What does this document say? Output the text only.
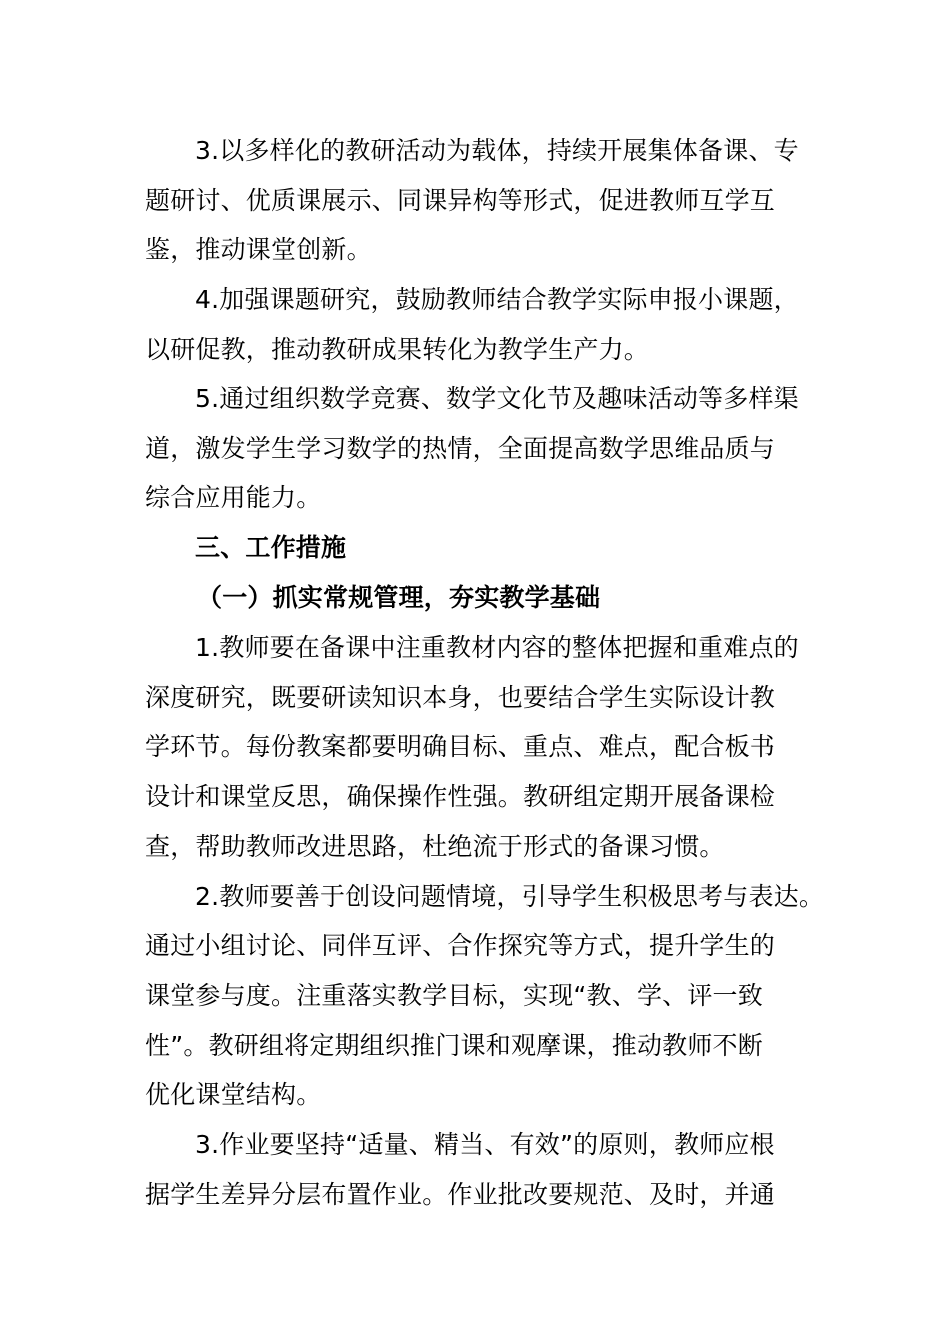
3.以多样化的教研活动为载体，持续开展集体备课、专
题研讨、优质课展示、同课异构等形式，促进教师互学互
鉴，推动课堂创新。
4.加强课题研究，鼓励教师结合教学实际申报小课题，
以研促教，推动教研成果转化为教学生产力。
5.通过组织数学竞赛、数学文化节及趣味活动等多样渠
道，激发学生学习数学的热情，全面提高数学思维品质与
综合应用能力。
三、工作措施
（一）抓实常规管理，夯实教学基础
1.教师要在备课中注重教材内容的整体把握和重难点的
深度研究，既要研读知识本身，也要结合学生实际设计教
学环节。每份教案都要明确目标、重点、难点，配合板书
设计和课堂反思，确保操作性强。教研组定期开展备课检
查，帮助教师改进思路，杜绝流于形式的备课习惯。
2.教师要善于创设问题情境，引导学生积极思考与表达。
通过小组讨论、同伴互评、合作探究等方式，提升学生的
课堂参与度。注重落实教学目标，实现“教、学、评一致
性”。教研组将定期组织推门课和观摩课，推动教师不断
优化课堂结构。
3.作业要坚持“适量、精当、有效”的原则，教师应根
据学生差异分层布置作业。作业批改要规范、及时，并通
